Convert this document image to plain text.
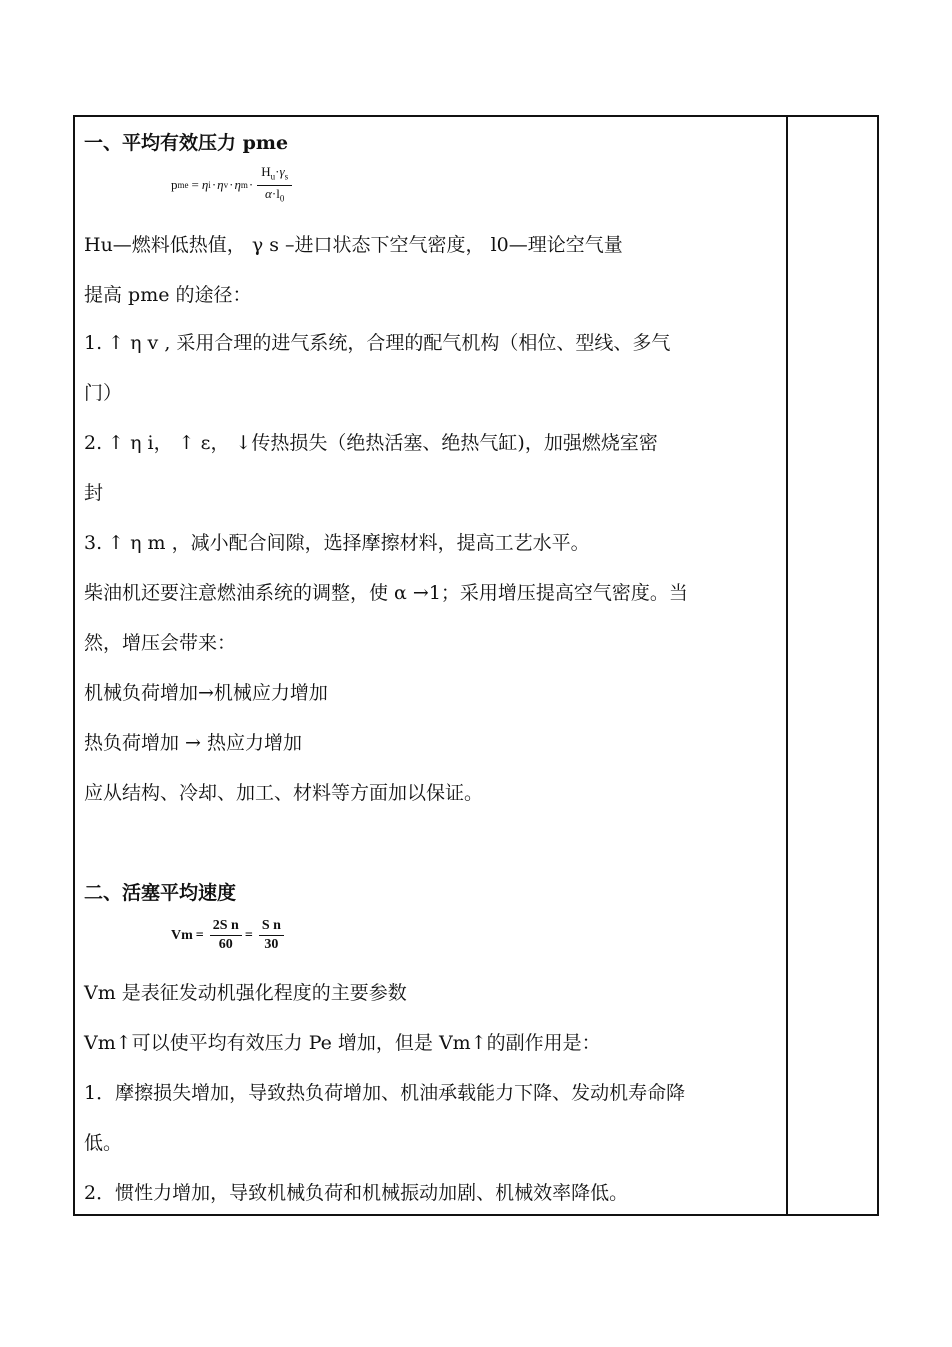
一、平均有效压力 pme
p me = η i · η v · η $m \cdot \frac{H_u\cdot\gamma_s}{\alpha\cdot l_0}$
Hu—燃料低热值， γ s –进口状态下空气密度， l0—理论空气量
提高 pme 的途径：
1. ↑ η v , 采用合理的进气系统，合理的配气机构（相位、型线、多气
门）
2. ↑ η i， ↑ ε， ↓传热损失（绝热活塞、绝热气缸)，加强燃烧室密
封
3. ↑ η m ，减小配合间隙，选择摩擦材料，提高工艺水平。
柴油机还要注意燃油系统的调整，使 α →1；采用增压提高空气密度。当
然，增压会带来：
机械负荷增加→机械应力增加
热负荷增加 → 热应力增加
应从结构、冷却、加工、材料等方面加以保证。
二、活塞平均速度
$Vm = \frac{\text{2S n}}{60} = \frac{\text{S n}}{30}$
Vm 是表征发动机强化程度的主要参数
Vm↑可以使平均有效压力 Pe 增加，但是 Vm↑的副作用是：
1．摩擦损失增加，导致热负荷增加、机油承载能力下降、发动机寿命降
低。
2．惯性力增加，导致机械负荷和机械振动加剧、机械效率降低。
